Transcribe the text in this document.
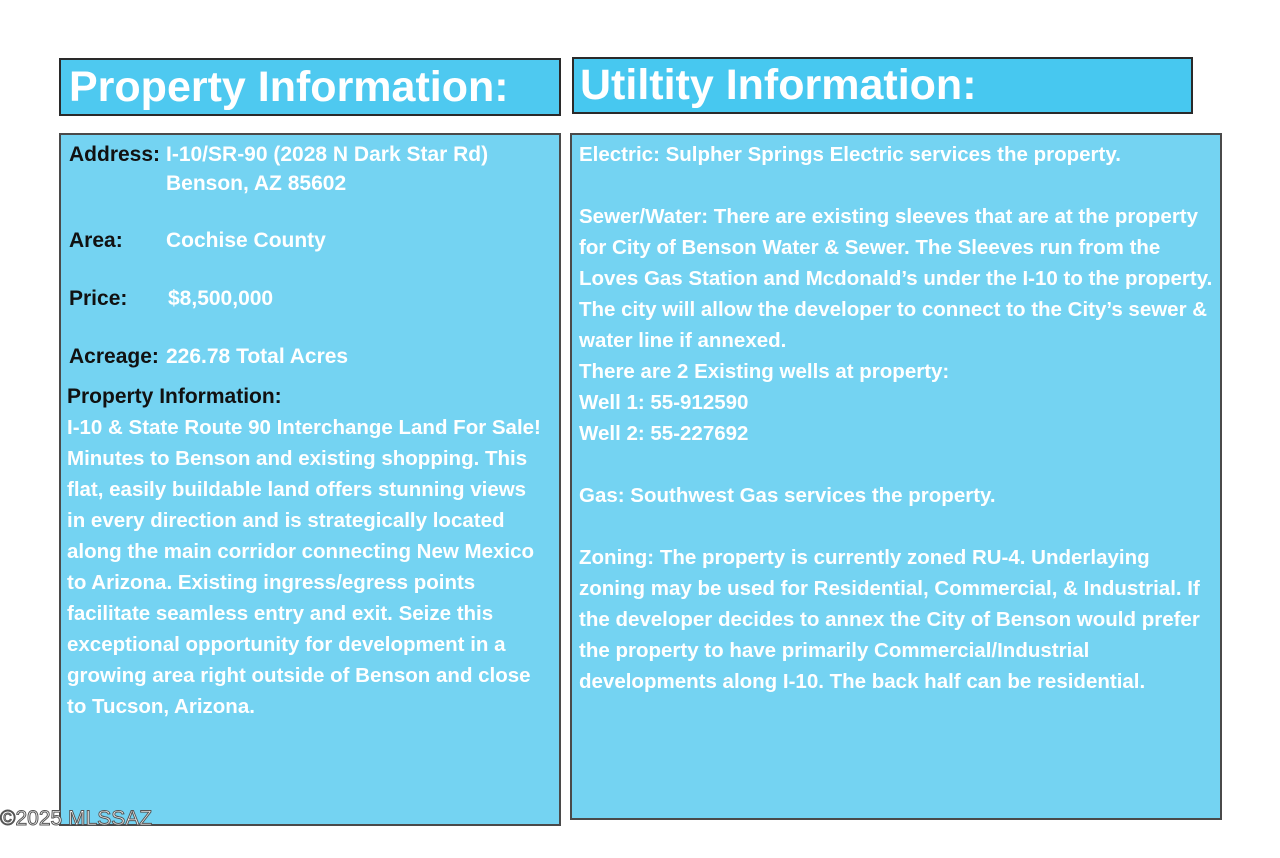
Property Information: Utiltity Information:
Address: I-10/SR-90 (2028 N Dark Star Rd)
Benson, AZ 85602
Area: Cochise County
Price: $8,500,000
Acreage: 226.78 Total Acres
Property Information:

I-10 & State Route 90 Interchange Land For Sale! Minutes to Benson and existing shopping. This flat, easily buildable land offers stunning views in every direction and is strategically located along the main corridor connecting New Mexico to Arizona. Existing ingress/egress points facilitate seamless entry and exit. Seize this exceptional opportunity for development in a growing area right outside of Benson and close to Tucson, Arizona.

Electric: Sulpher Springs Electric services the property.

Sewer/Water: There are existing sleeves that are at the property for City of Benson Water & Sewer. The Sleeves run from the Loves Gas Station and Mcdonald’s under the I-10 to the property. The city will allow the developer to connect to the City’s sewer & water line if annexed.

There are 2 Existing wells at property:

Well 1: 55-912590

Well 2: 55-227692

Gas: Southwest Gas services the property.

Zoning: The property is currently zoned RU-4. Underlaying zoning may be used for Residential, Commercial, & Industrial. If the developer decides to annex the City of Benson would prefer the property to have primarily Commercial/Industrial developments along I-10. The back half can be residential.

©2025 MLSSAZ
